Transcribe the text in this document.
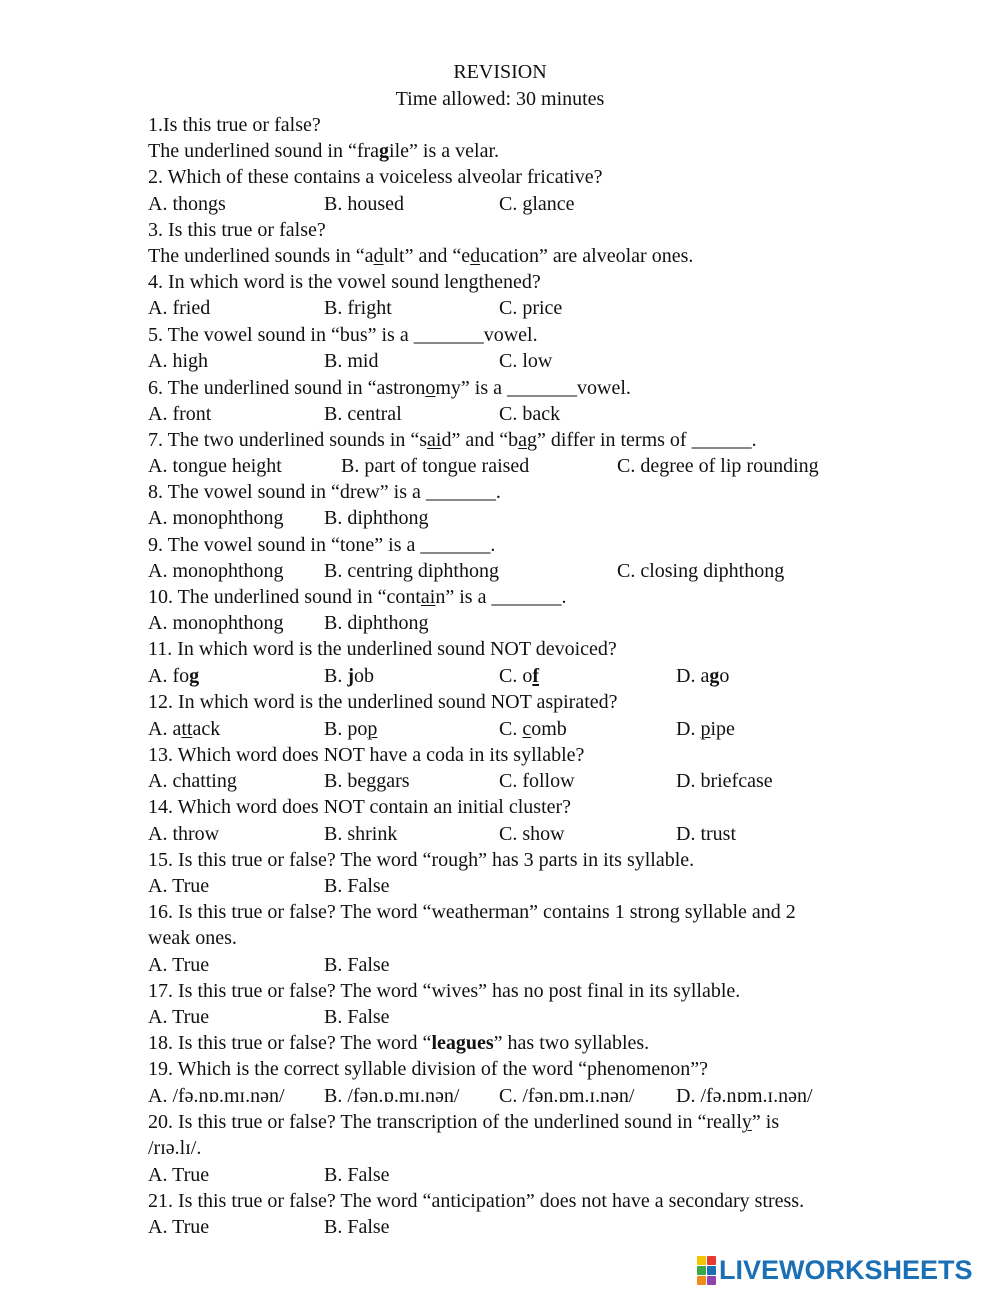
REVISION
Time allowed: 30 minutes
1.Is this true or false?
The underlined sound in “fragile” is a velar.
2. Which of these contains a voiceless alveolar fricative?
A. thongs	B. housed	C. glance
3. Is this true or false?
The underlined sounds in “adult” and “education” are alveolar ones.
4. In which word is the vowel sound lengthened?
A. fried	B. fright	C. price
5. The vowel sound in “bus” is a _______vowel.
A. high	B. mid	C. low
6. The underlined sound in “astronomy” is a _______vowel.
A. front	B. central	C. back
7. The two underlined sounds in “said” and “bag” differ in terms of ______.
A. tongue height	B. part of tongue raised	C. degree of lip rounding
8. The vowel sound in “drew” is a _______.
A. monophthong B. diphthong
9. The vowel sound in “tone” is a _______.
A. monophthong B. centring diphthong	C. closing diphthong
10. The underlined sound in “contain” is a _______.
A. monophthong B. diphthong
11. In which word is the underlined sound NOT devoiced?
A. fog	B. job	C. of	D. ago
12. In which word is the underlined sound NOT aspirated?
A. attack	B. pop	C. comb	D. pipe
13. Which word does NOT have a coda in its syllable?
A. chatting	B. beggars	C. follow	D. briefcase
14. Which word does NOT contain an initial cluster?
A. throw	B. shrink	C. show	D. trust
15. Is this true or false? The word “rough” has 3 parts in its syllable.
A. True	B. False
16. Is this true or false? The word “weatherman” contains 1 strong syllable and 2
weak ones.
A. True	B. False
17. Is this true or false? The word “wives” has no post final in its syllable.
A. True	B. False
18. Is this true or false? The word “leagues” has two syllables.
19. Which is the correct syllable division of the word “phenomenon”?
A. /fə.nɒ.mɪ.nən/ B. /fən.ɒ.mɪ.nən/ C. /fən.ɒm.ɪ.nən/ D. /fə.nɒm.ɪ.nən/
20. Is this true or false? The transcription of the underlined sound in “really” is
/rɪə.lɪ/.
A. True	B. False
21. Is this true or false? The word “anticipation” does not have a secondary stress.
A. True	B. False
LIVEWORKSHEETS
